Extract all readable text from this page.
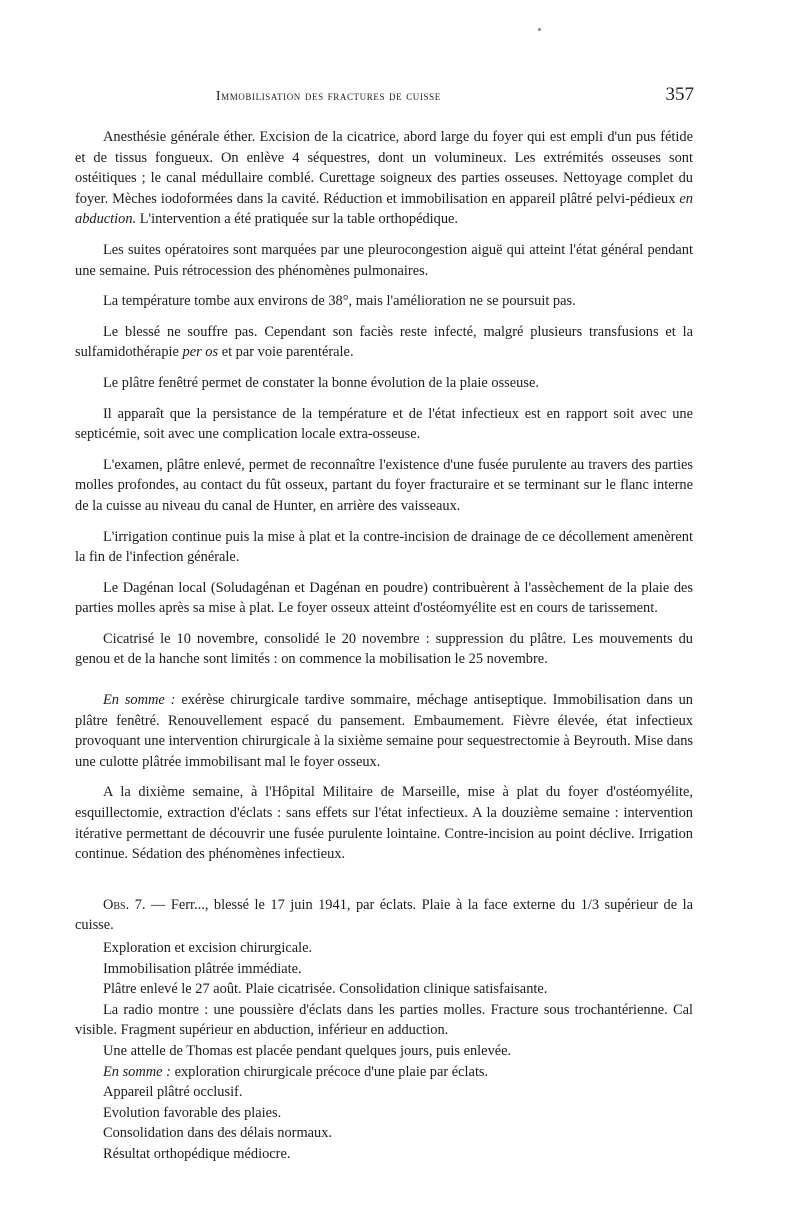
Immobilisation des fractures de cuisse	357

Anesthésie générale éther. Excision de la cicatrice, abord large du foyer qui est empli d'un pus fétide et de tissus fongueux. On enlève 4 séquestres, dont un volumineux. Les extrémités osseuses sont ostéitiques ; le canal médullaire comblé. Curettage soigneux des parties osseuses. Nettoyage complet du foyer. Mèches iodoformées dans la cavité. Réduction et immobilisation en appareil plâtré pelvi-pédieux en abduction. L'intervention a été pratiquée sur la table orthopédique.

Les suites opératoires sont marquées par une pleurocongestion aiguë qui atteint l'état général pendant une semaine. Puis rétrocession des phénomènes pulmonaires.

La température tombe aux environs de 38°, mais l'amélioration ne se poursuit pas.

Le blessé ne souffre pas. Cependant son faciès reste infecté, malgré plusieurs transfusions et la sulfamidothérapie per os et par voie parentérale.

Le plâtre fenêtré permet de constater la bonne évolution de la plaie osseuse.

Il apparaît que la persistance de la température et de l'état infectieux est en rapport soit avec une septicémie, soit avec une complication locale extra-osseuse.

L'examen, plâtre enlevé, permet de reconnaître l'existence d'une fusée purulente au travers des parties molles profondes, au contact du fût osseux, partant du foyer fracturaire et se terminant sur le flanc interne de la cuisse au niveau du canal de Hunter, en arrière des vaisseaux.

L'irrigation continue puis la mise à plat et la contre-incision de drainage de ce décollement amenèrent la fin de l'infection générale.

Le Dagénan local (Soludagénan et Dagénan en poudre) contribuèrent à l'assèchement de la plaie des parties molles après sa mise à plat. Le foyer osseux atteint d'ostéomyélite est en cours de tarissement.

Cicatrisé le 10 novembre, consolidé le 20 novembre : suppression du plâtre. Les mouvements du genou et de la hanche sont limités : on commence la mobilisation le 25 novembre.

En somme : exérèse chirurgicale tardive sommaire, méchage antiseptique. Immobilisation dans un plâtre fenêtré. Renouvellement espacé du pansement. Embaumement. Fièvre élevée, état infectieux provoquant une intervention chirurgicale à la sixième semaine pour sequestrectomie à Beyrouth. Mise dans une culotte plâtrée immobilisant mal le foyer osseux.

A la dixième semaine, à l'Hôpital Militaire de Marseille, mise à plat du foyer d'ostéomyélite, esquillectomie, extraction d'éclats : sans effets sur l'état infectieux. A la douzième semaine : intervention itérative permettant de découvrir une fusée purulente lointaine. Contre-incision au point déclive. Irrigation continue. Sédation des phénomènes infectieux.

Obs. 7. — Ferr..., blessé le 17 juin 1941, par éclats. Plaie à la face externe du 1/3 supérieur de la cuisse.

Exploration et excision chirurgicale.

Immobilisation plâtrée immédiate.

Plâtre enlevé le 27 août. Plaie cicatrisée. Consolidation clinique satisfaisante.

La radio montre : une poussière d'éclats dans les parties molles. Fracture sous trochantérienne. Cal visible. Fragment supérieur en abduction, inférieur en adduction.

Une attelle de Thomas est placée pendant quelques jours, puis enlevée.

En somme : exploration chirurgicale précoce d'une plaie par éclats.

Appareil plâtré occlusif.

Evolution favorable des plaies.

Consolidation dans des délais normaux.

Résultat orthopédique médiocre.
